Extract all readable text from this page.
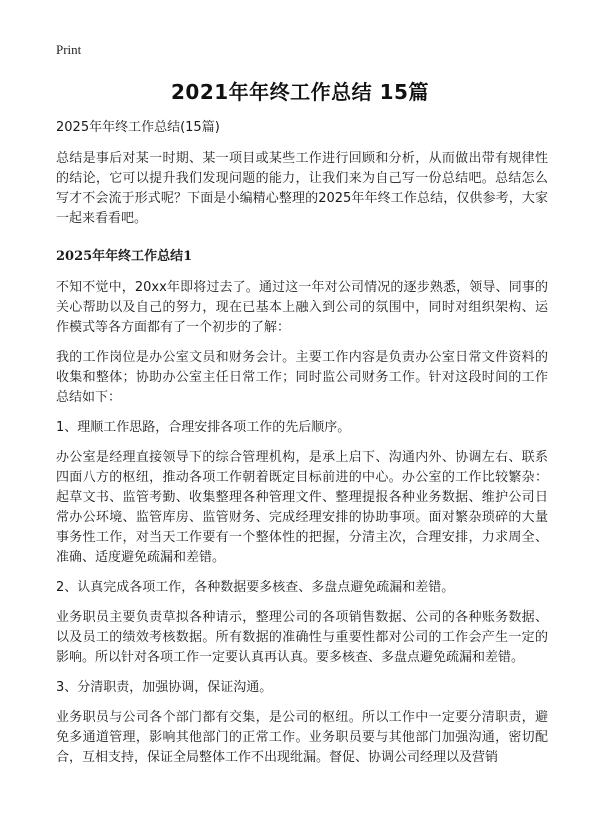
Print
2021年年终工作总结 15篇
2025年年终工作总结(15篇)

总结是事后对某一时期、某一项目或某些工作进行回顾和分析，从而做出带有规律性的结论，它可以提升我们发现问题的能力，让我们来为自己写一份总结吧。总结怎么写才不会流于形式呢？下面是小编精心整理的2025年年终工作总结，仅供参考，大家一起来看看吧。

2025年年终工作总结1

不知不觉中，20xx年即将过去了。通过这一年对公司情况的逐步熟悉，领导、同事的关心帮助以及自己的努力，现在已基本上融入到公司的氛围中，同时对组织架构、运作模式等各方面都有了一个初步的了解：

我的工作岗位是办公室文员和财务会计。主要工作内容是负责办公室日常文件资料的收集和整体；协助办公室主任日常工作；同时监公司财务工作。针对这段时间的工作总结如下：

1、理顺工作思路，合理安排各项工作的先后顺序。

办公室是经理直接领导下的综合管理机构，是承上启下、沟通内外、协调左右、联系四面八方的枢纽，推动各项工作朝着既定目标前进的中心。办公室的工作比较繁杂：起草文书、监管考勤、收集整理各种管理文件、整理提报各种业务数据、维护公司日常办公环境、监管库房、监管财务、完成经理安排的协助事项。面对繁杂琐碎的大量事务性工作，对当天工作要有一个整体性的把握，分清主次，合理安排，力求周全、准确、适度避免疏漏和差错。

2、认真完成各项工作，各种数据要多核查、多盘点避免疏漏和差错。

业务职员主要负责草拟各种请示，整理公司的各项销售数据、公司的各种账务数据、以及员工的绩效考核数据。所有数据的准确性与重要性都对公司的工作会产生一定的影响。所以针对各项工作一定要认真再认真。要多核查、多盘点避免疏漏和差错。

3、分清职责，加强协调，保证沟通。

业务职员与公司各个部门都有交集，是公司的枢纽。所以工作中一定要分清职责，避免多通道管理，影响其他部门的正常工作。业务职员要与其他部门加强沟通，密切配合，互相支持，保证全局整体工作不出现纰漏。督促、协调公司经理以及营销
